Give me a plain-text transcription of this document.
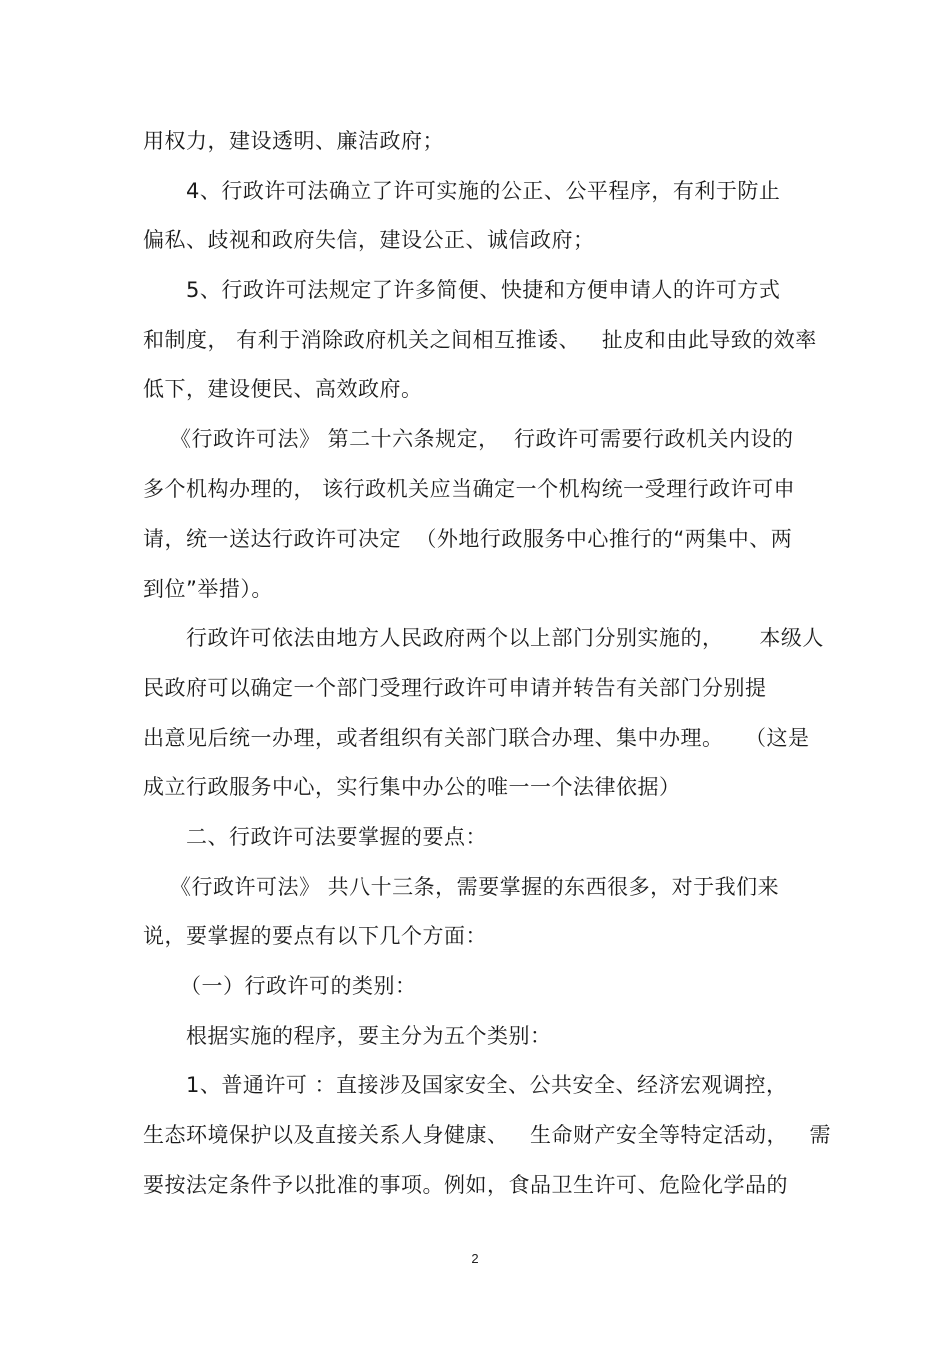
用权力，建设透明、廉洁政府；
4、行政许可法确立了许可实施的公正、公平程序，有利于防止
偏私、歧视和政府失信，建设公正、诚信政府；
5、行政许可法规定了许多简便、快捷和方便申请人的许可方式
和制度， 有利于消除政府机关之间相互推诿、   扯皮和由此导致的效率
低下，建设便民、高效政府。
《行政许可法》 第二十六条规定，  行政许可需要行政机关内设的
多个机构办理的， 该行政机关应当确定一个机构统一受理行政许可申
请，统一送达行政许可决定  （外地行政服务中心推行的“两集中、两
到位”举措）。
行政许可依法由地方人民政府两个以上部门分别实施的，     本级人
民政府可以确定一个部门受理行政许可申请并转告有关部门分别提
出意见后统一办理，或者组织有关部门联合办理、集中办理。   （这是
成立行政服务中心，实行集中办公的唯一一个法律依据）
二、行政许可法要掌握的要点：
《行政许可法》 共八十三条，需要掌握的东西很多，对于我们来
说，要掌握的要点有以下几个方面：
（一）行政许可的类别：
根据实施的程序，要主分为五个类别：
1、普通许可 ：直接涉及国家安全、公共安全、经济宏观调控，
生态环境保护以及直接关系人身健康、   生命财产安全等特定活动，   需
要按法定条件予以批准的事项。例如，食品卫生许可、危险化学品的
2
